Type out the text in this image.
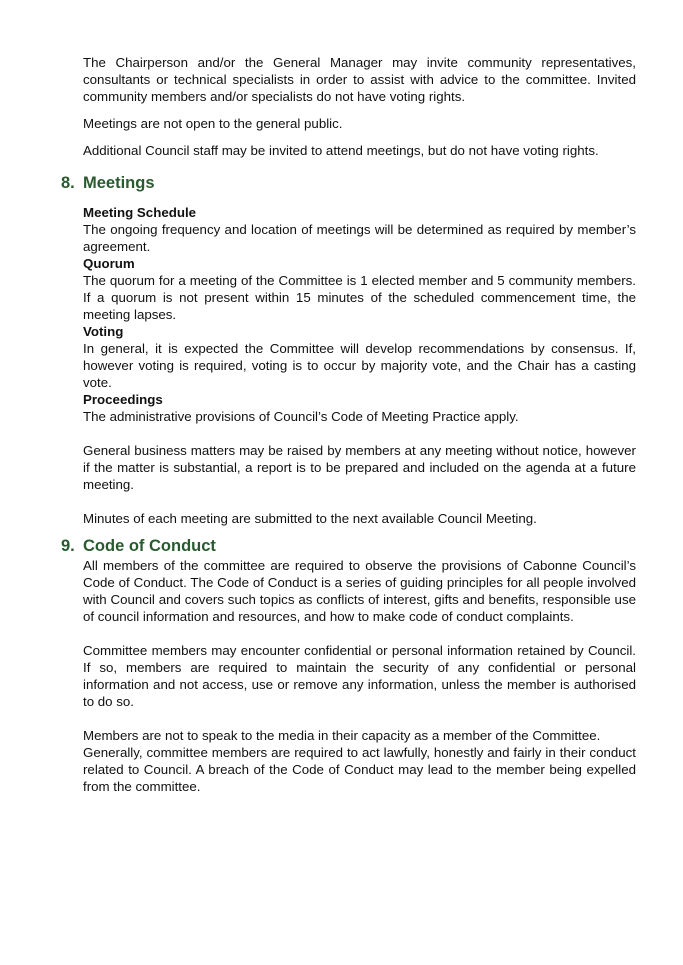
The Chairperson and/or the General Manager may invite community representatives, consultants or technical specialists in order to assist with advice to the committee. Invited community members and/or specialists do not have voting rights.

Meetings are not open to the general public.

Additional Council staff may be invited to attend meetings, but do not have voting rights.

8. Meetings

Meeting Schedule

The ongoing frequency and location of meetings will be determined as required by member’s agreement.

Quorum

The quorum for a meeting of the Committee is 1 elected member and 5 community members. If a quorum is not present within 15 minutes of the scheduled commencement time, the meeting lapses.

Voting

In general, it is expected the Committee will develop recommendations by consensus. If, however voting is required, voting is to occur by majority vote, and the Chair has a casting vote.

Proceedings

The administrative provisions of Council’s Code of Meeting Practice apply.

General business matters may be raised by members at any meeting without notice, however if the matter is substantial, a report is to be prepared and included on the agenda at a future meeting.

Minutes of each meeting are submitted to the next available Council Meeting.

9. Code of Conduct

All members of the committee are required to observe the provisions of Cabonne Council’s Code of Conduct. The Code of Conduct is a series of guiding principles for all people involved with Council and covers such topics as conflicts of interest, gifts and benefits, responsible use of council information and resources, and how to make code of conduct complaints.

Committee members may encounter confidential or personal information retained by Council. If so, members are required to maintain the security of any confidential or personal information and not access, use or remove any information, unless the member is authorised to do so.

Members are not to speak to the media in their capacity as a member of the Committee.

Generally, committee members are required to act lawfully, honestly and fairly in their conduct related to Council. A breach of the Code of Conduct may lead to the member being expelled from the committee.
